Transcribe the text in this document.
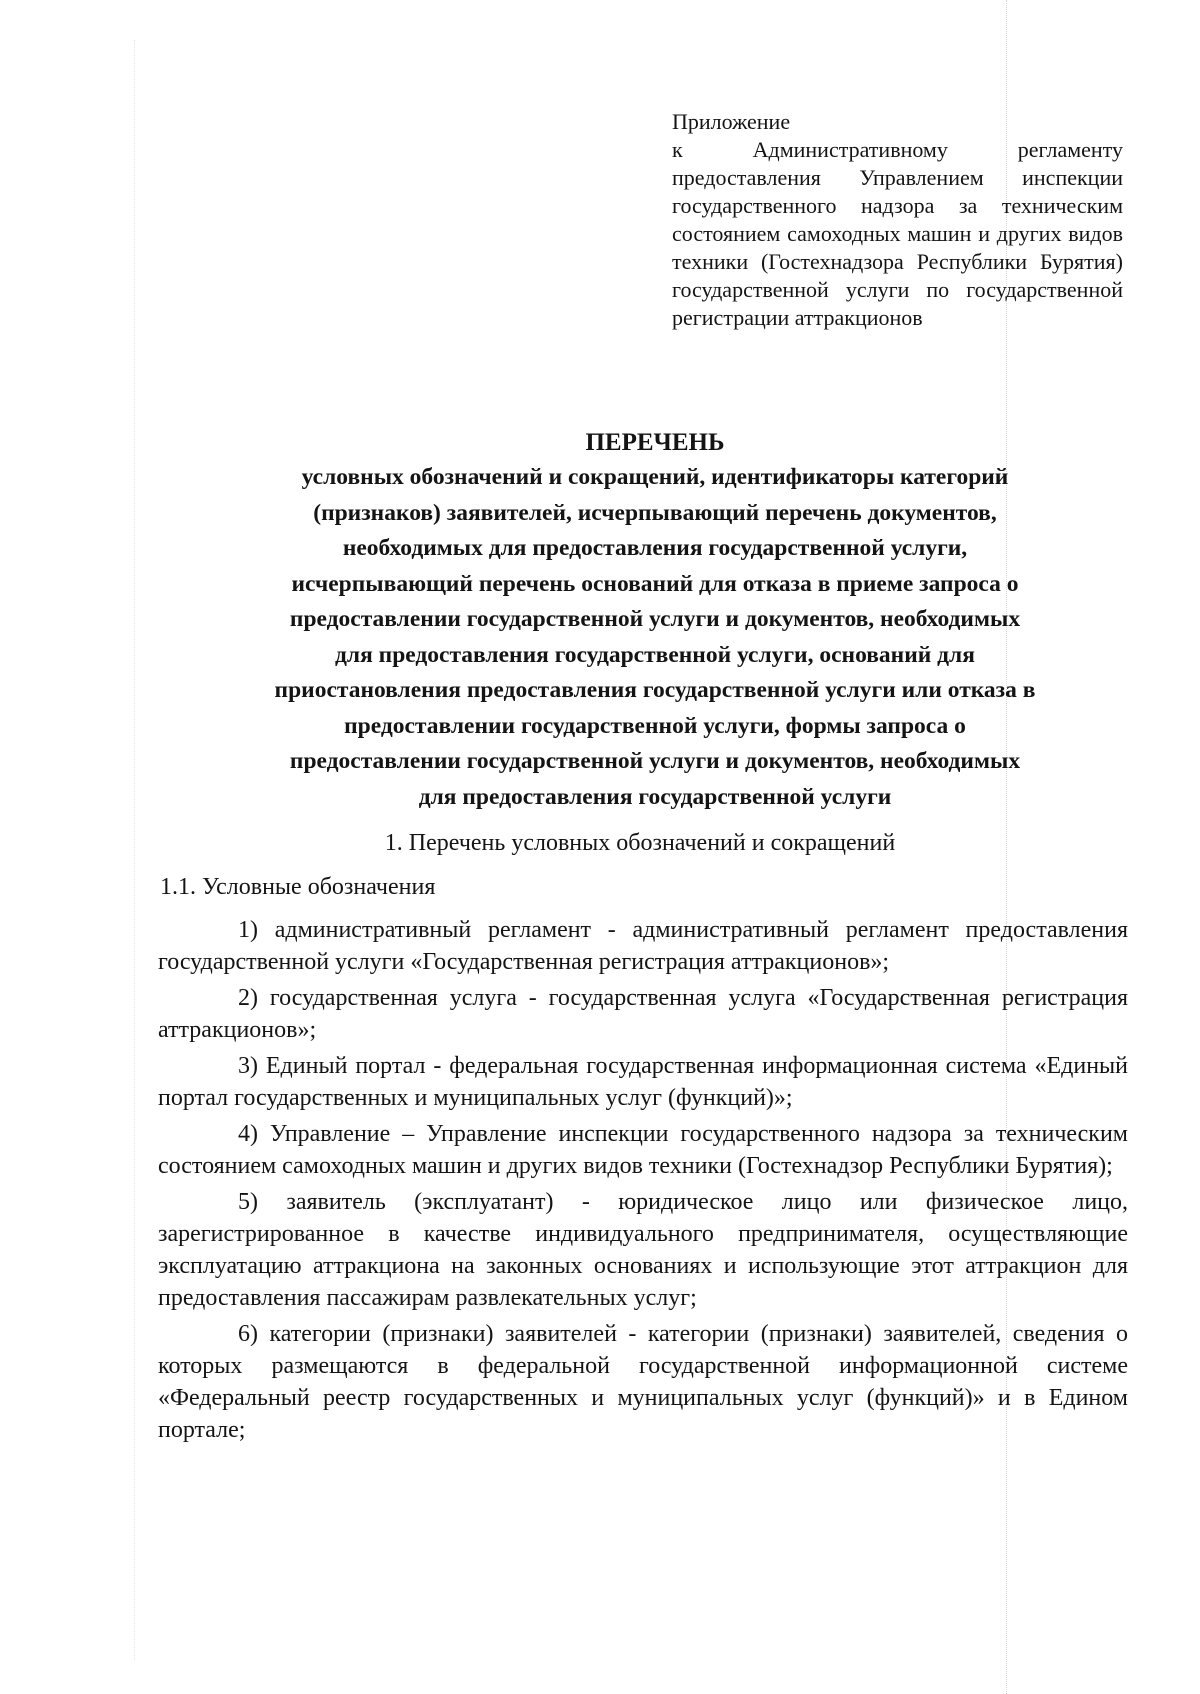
Приложение
к Административному регламенту предоставления Управлением инспекции государственного надзора за техническим состоянием самоходных машин и других видов техники (Гостехнадзора Республики Бурятия) государственной услуги по государственной регистрации аттракционов
ПЕРЕЧЕНЬ
условных обозначений и сокращений, идентификаторы категорий
(признаков) заявителей, исчерпывающий перечень документов,
необходимых для предоставления государственной услуги,
исчерпывающий перечень оснований для отказа в приеме запроса о
предоставлении государственной услуги и документов, необходимых
для предоставления государственной услуги, оснований для
приостановления предоставления государственной услуги или отказа в
предоставлении государственной услуги, формы запроса о
предоставлении государственной услуги и документов, необходимых
для предоставления государственной услуги
1. Перечень условных обозначений и сокращений
1.1. Условные обозначения

1) административный регламент - административный регламент предоставления государственной услуги «Государственная регистрация аттракционов»;

2) государственная услуга - государственная услуга «Государственная регистрация аттракционов»;

3) Единый портал - федеральная государственная информационная система «Единый портал государственных и муниципальных услуг (функций)»;

4) Управление – Управление инспекции государственного надзора за техническим состоянием самоходных машин и других видов техники (Гостехнадзор Республики Бурятия);

5) заявитель (эксплуатант) - юридическое лицо или физическое лицо, зарегистрированное в качестве индивидуального предпринимателя, осуществляющие эксплуатацию аттракциона на законных основаниях и использующие этот аттракцион для предоставления пассажирам развлекательных услуг;

6) категории (признаки) заявителей - категории (признаки) заявителей, сведения о которых размещаются в федеральной государственной информационной системе «Федеральный реестр государственных и муниципальных услуг (функций)» и в Едином портале;
